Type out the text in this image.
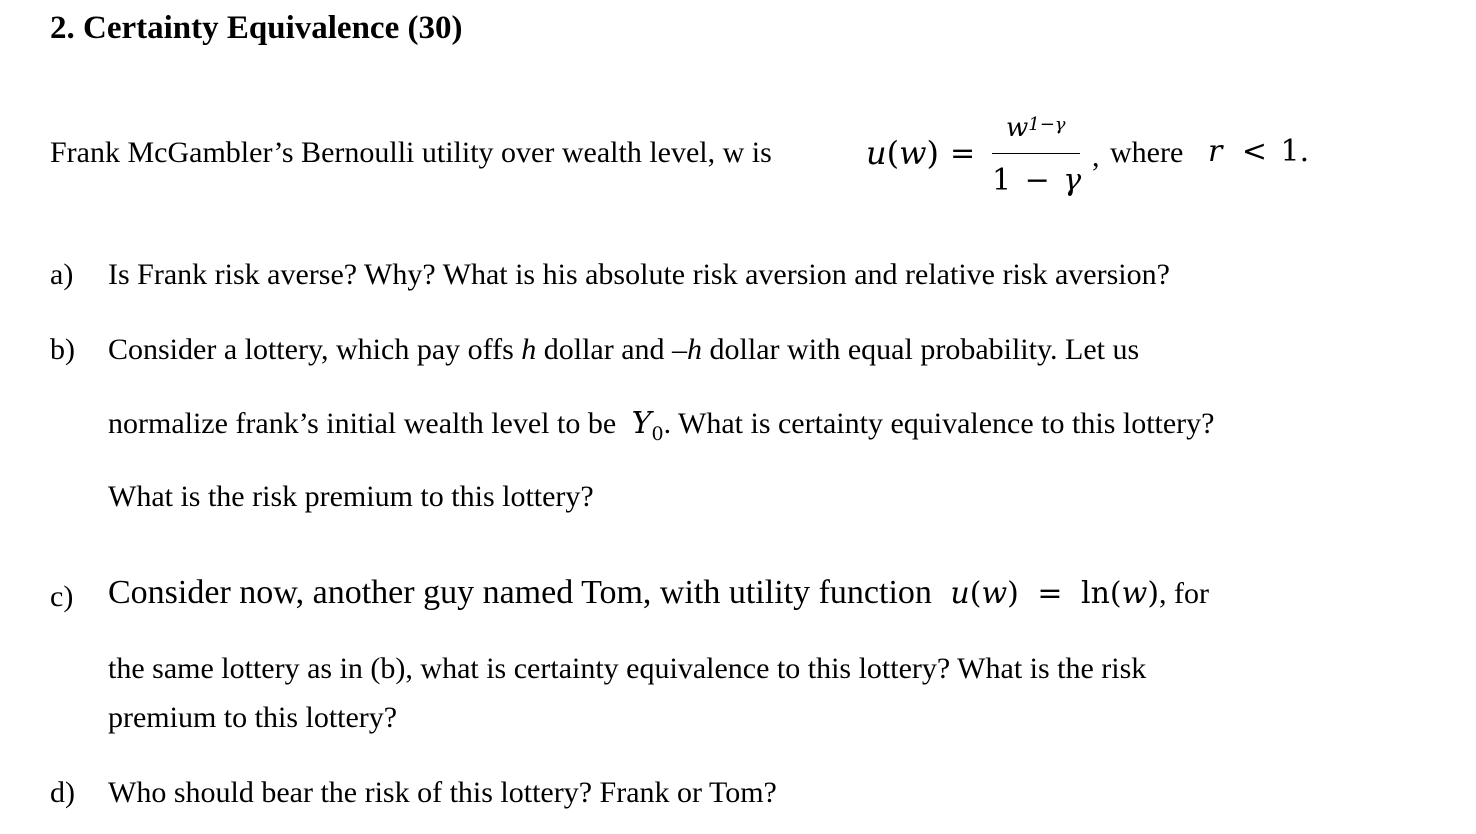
2. Certainty Equivalence (30)
Frank McGambler’s Bernoulli utility over wealth level, w is	u(w) =
$w^{1-\gamma}$
1 − γ
, where r < 1.
a) Is Frank risk averse? Why? What is his absolute risk aversion and relative risk aversion?
b) Consider a lottery, which pay offs h dollar and –h dollar with equal probability. Let us
normalize frank’s initial wealth level to be $Y_0$. What is certainty equivalence to this lottery?
What is the risk premium to this lottery?
c) Consider now, another guy named Tom, with utility function u(w) = ln(w), for
the same lottery as in (b), what is certainty equivalence to this lottery? What is the risk
premium to this lottery?
d) Who should bear the risk of this lottery? Frank or Tom?
